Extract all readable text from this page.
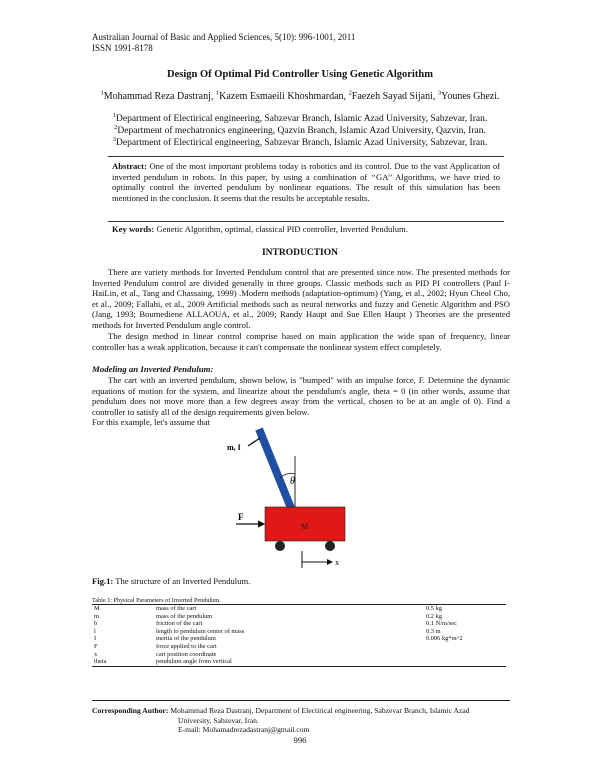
Australian Journal of Basic and Applied Sciences, 5(10): 996-1001, 2011
ISSN 1991-8178
Design Of Optimal Pid Controller Using Genetic Algorithm
$^1$Mohammad Reza Dastranj, $^1$Kazem Esmaeili Khoshmardan, $^2$Faezeh Sayad Sijani, $^3$Younes Ghezi.
$^1$Department of Electirical engineering, Sabzevar Branch, Islamic Azad University, Sabzevar, Iran.
$^2$Department of mechatronics engineering, Qazvin Branch, Islamic Azad University, Qazvin, Iran.
$^3$Department of Electirical engineering, Sabzevar Branch, Islamic Azad University, Sabzevar, Iran.
Abstract: One of the most important problems today is robotics and its control. Due to the vast Application of inverted pendulum in robots. In this paper, by using a combination of ‘‘GA’’ Algorithms, we have tried to optimally control the inverted pendulum by nonlinear equations. The result of this simulation has been mentioned in the conclusion. It seems that the results be acceptable results.
Key words: Genetic Algorithm, optimal, classical PID controller, Inverted Pendulum.
INTRODUCTION
There are variety methods for Inverted Pendulum control that are presented since now. The presented methods for Inverted Pendulum control are divided generally in three groups. Classic methods such as PID PI controllers (Paul I-HaiLin, et al., Tang and Chassaing, 1999) .Modern methods (adaptation-optimum) (Yang, et al., 2002; Hyun Cheol Cho, et al., 2009; Fallahi, et al., 2009 Artificial methods such as neural networks and fuzzy and Genetic Algorithm and PSO (Jang, 1993; Boumediene ALLAOUA, et al., 2009; Randy Haupt and Sue Ellen Haupt ) Theories are the presented methods for Inverted Pendulum angle control.
The design method in linear control comprise based on main application the wide span of frequency, linear controller has a weak application, because it can't compensate the nonlinear system effect completely.
Modeling an Inverted Pendulum:
The cart with an inverted pendulum, shown below, is "bumped" with an impulse force, F. Determine the dynamic equations of motion for the system, and linearize about the pendulum's angle, theta = 0 (in other words, assume that pendulum does not move more than a few degrees away from the vertical, chosen to be at an angle of 0). Find a controller to satisfy all of the design requirements given below.
For this example, let's assume that
θ
m, I
M
F
x
Fig.1: The structure of an Inverted Pendulum.
Table 1: Physical Parameters of Inverted Pendulum.
M	mass of the cart	0.5 kg
m	mass of the pendulum	0.2 kg
b	friction of the cart	0.1 N/m/sec
l	length to pendulum center of mass	0.3 m
I	inertia of the pendulum	0.006 kg*m^2
F	force applied to the cart	
x	cart position coordinate	
theta	pendulum angle from vertical	
Corresponding Author: Mohammad Reza Dastranj, Department of Electirical engineering, Sabzevar Branch, Islamic Azad
University, Sabzevar, Iran.
E-mail: Mohamadrezadastranj@gmail.com
996
